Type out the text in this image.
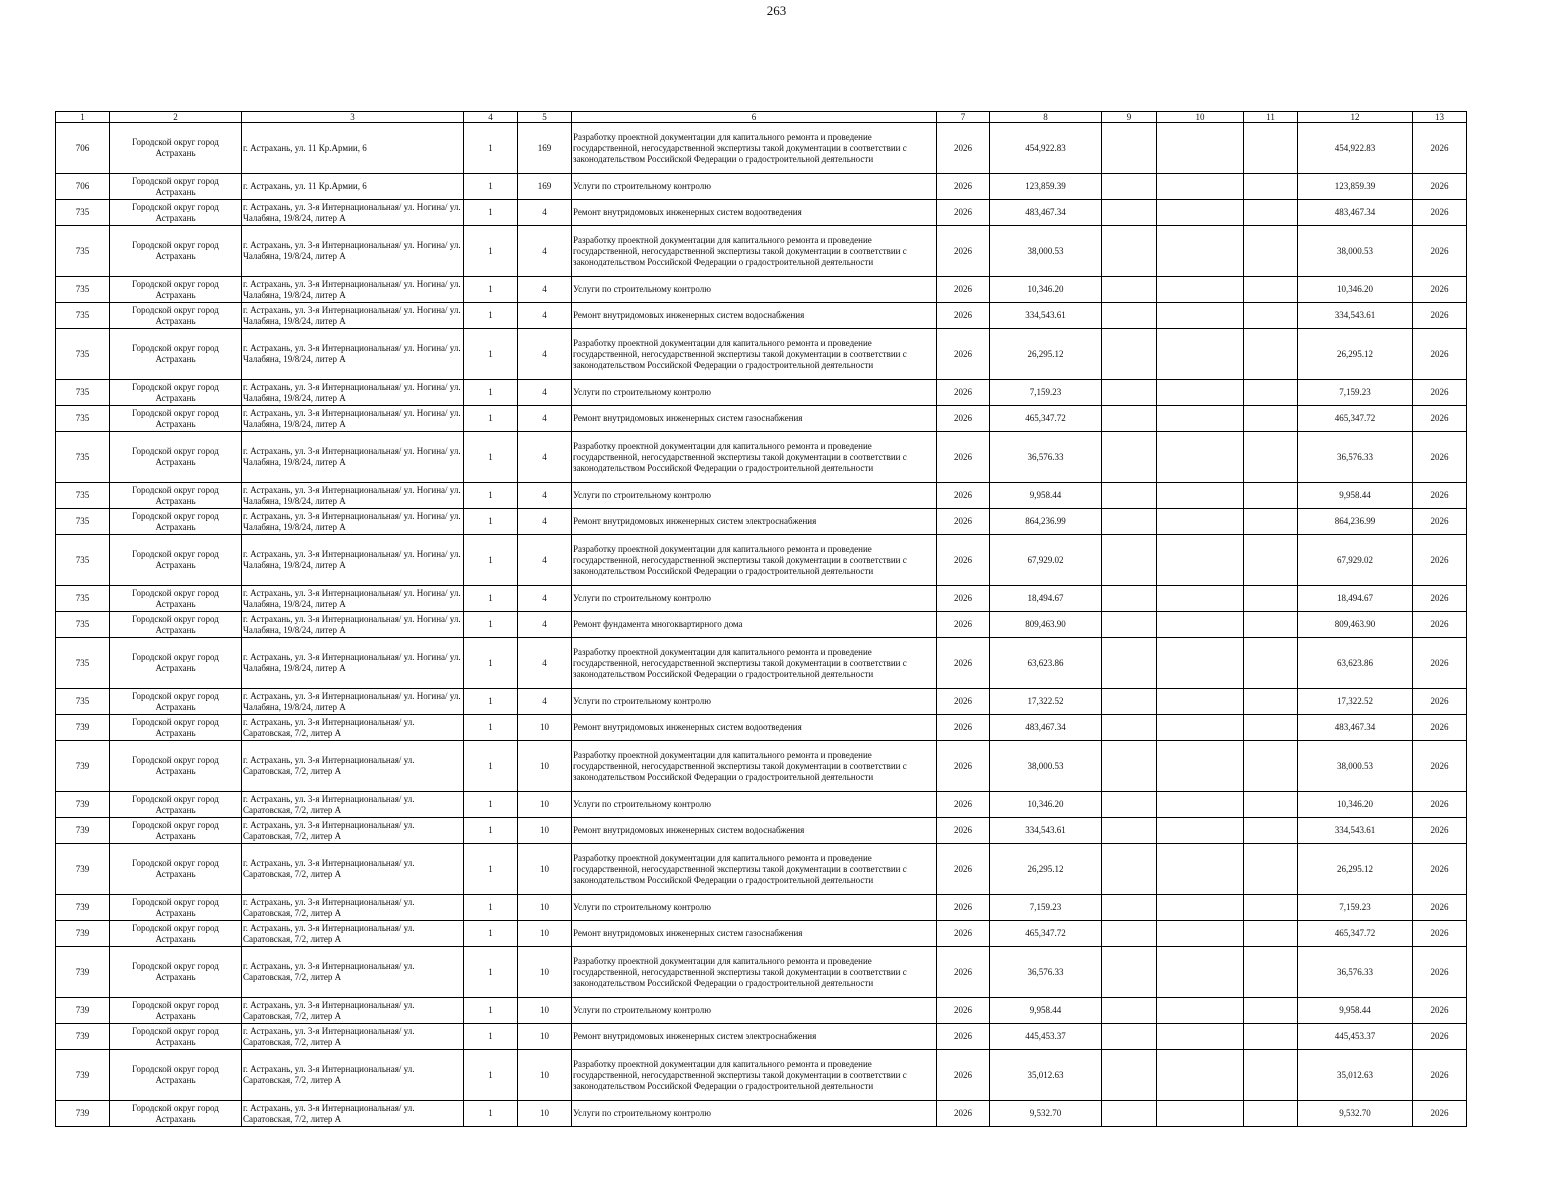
263
1	2	3	4	5	6	7	8	9	10	11	12	13
706	Городской округ город Астрахань	г. Астрахань, ул. 11 Кр.Армии, 6	1	169	Разработку проектной документации для капитального ремонта и проведение государственной, негосударственной экспертизы такой документации в соответствии с законодательством Российской Федерации о градостроительной деятельности	2026	454,922.83				454,922.83	2026
706	Городской округ город Астрахань	г. Астрахань, ул. 11 Кр.Армии, 6	1	169	Услуги по строительному контролю	2026	123,859.39				123,859.39	2026
735	Городской округ город Астрахань	г. Астрахань, ул. 3-я Интернациональная/ ул. Ногина/ ул. Чалабяна, 19/8/24, литер А	1	4	Ремонт внутридомовых инженерных систем водоотведения	2026	483,467.34				483,467.34	2026
735	Городской округ город Астрахань	г. Астрахань, ул. 3-я Интернациональная/ ул. Ногина/ ул. Чалабяна, 19/8/24, литер А	1	4	Разработку проектной документации для капитального ремонта и проведение государственной, негосударственной экспертизы такой документации в соответствии с законодательством Российской Федерации о градостроительной деятельности	2026	38,000.53				38,000.53	2026
735	Городской округ город Астрахань	г. Астрахань, ул. 3-я Интернациональная/ ул. Ногина/ ул. Чалабяна, 19/8/24, литер А	1	4	Услуги по строительному контролю	2026	10,346.20				10,346.20	2026
735	Городской округ город Астрахань	г. Астрахань, ул. 3-я Интернациональная/ ул. Ногина/ ул. Чалабяна, 19/8/24, литер А	1	4	Ремонт внутридомовых инженерных систем водоснабжения	2026	334,543.61				334,543.61	2026
735	Городской округ город Астрахань	г. Астрахань, ул. 3-я Интернациональная/ ул. Ногина/ ул. Чалабяна, 19/8/24, литер А	1	4	Разработку проектной документации для капитального ремонта и проведение государственной, негосударственной экспертизы такой документации в соответствии с законодательством Российской Федерации о градостроительной деятельности	2026	26,295.12				26,295.12	2026
735	Городской округ город Астрахань	г. Астрахань, ул. 3-я Интернациональная/ ул. Ногина/ ул. Чалабяна, 19/8/24, литер А	1	4	Услуги по строительному контролю	2026	7,159.23				7,159.23	2026
735	Городской округ город Астрахань	г. Астрахань, ул. 3-я Интернациональная/ ул. Ногина/ ул. Чалабяна, 19/8/24, литер А	1	4	Ремонт внутридомовых инженерных систем газоснабжения	2026	465,347.72				465,347.72	2026
735	Городской округ город Астрахань	г. Астрахань, ул. 3-я Интернациональная/ ул. Ногина/ ул. Чалабяна, 19/8/24, литер А	1	4	Разработку проектной документации для капитального ремонта и проведение государственной, негосударственной экспертизы такой документации в соответствии с законодательством Российской Федерации о градостроительной деятельности	2026	36,576.33				36,576.33	2026
735	Городской округ город Астрахань	г. Астрахань, ул. 3-я Интернациональная/ ул. Ногина/ ул. Чалабяна, 19/8/24, литер А	1	4	Услуги по строительному контролю	2026	9,958.44				9,958.44	2026
735	Городской округ город Астрахань	г. Астрахань, ул. 3-я Интернациональная/ ул. Ногина/ ул. Чалабяна, 19/8/24, литер А	1	4	Ремонт внутридомовых инженерных систем электроснабжения	2026	864,236.99				864,236.99	2026
735	Городской округ город Астрахань	г. Астрахань, ул. 3-я Интернациональная/ ул. Ногина/ ул. Чалабяна, 19/8/24, литер А	1	4	Разработку проектной документации для капитального ремонта и проведение государственной, негосударственной экспертизы такой документации в соответствии с законодательством Российской Федерации о градостроительной деятельности	2026	67,929.02				67,929.02	2026
735	Городской округ город Астрахань	г. Астрахань, ул. 3-я Интернациональная/ ул. Ногина/ ул. Чалабяна, 19/8/24, литер А	1	4	Услуги по строительному контролю	2026	18,494.67				18,494.67	2026
735	Городской округ город Астрахань	г. Астрахань, ул. 3-я Интернациональная/ ул. Ногина/ ул. Чалабяна, 19/8/24, литер А	1	4	Ремонт фундамента многоквартирного дома	2026	809,463.90				809,463.90	2026
735	Городской округ город Астрахань	г. Астрахань, ул. 3-я Интернациональная/ ул. Ногина/ ул. Чалабяна, 19/8/24, литер А	1	4	Разработку проектной документации для капитального ремонта и проведение государственной, негосударственной экспертизы такой документации в соответствии с законодательством Российской Федерации о градостроительной деятельности	2026	63,623.86				63,623.86	2026
735	Городской округ город Астрахань	г. Астрахань, ул. 3-я Интернациональная/ ул. Ногина/ ул. Чалабяна, 19/8/24, литер А	1	4	Услуги по строительному контролю	2026	17,322.52				17,322.52	2026
739	Городской округ город Астрахань	г. Астрахань, ул. 3-я Интернациональная/ ул. Саратовская, 7/2, литер А	1	10	Ремонт внутридомовых инженерных систем водоотведения	2026	483,467.34				483,467.34	2026
739	Городской округ город Астрахань	г. Астрахань, ул. 3-я Интернациональная/ ул. Саратовская, 7/2, литер А	1	10	Разработку проектной документации для капитального ремонта и проведение государственной, негосударственной экспертизы такой документации в соответствии с законодательством Российской Федерации о градостроительной деятельности	2026	38,000.53				38,000.53	2026
739	Городской округ город Астрахань	г. Астрахань, ул. 3-я Интернациональная/ ул. Саратовская, 7/2, литер А	1	10	Услуги по строительному контролю	2026	10,346.20				10,346.20	2026
739	Городской округ город Астрахань	г. Астрахань, ул. 3-я Интернациональная/ ул. Саратовская, 7/2, литер А	1	10	Ремонт внутридомовых инженерных систем водоснабжения	2026	334,543.61				334,543.61	2026
739	Городской округ город Астрахань	г. Астрахань, ул. 3-я Интернациональная/ ул. Саратовская, 7/2, литер А	1	10	Разработку проектной документации для капитального ремонта и проведение государственной, негосударственной экспертизы такой документации в соответствии с законодательством Российской Федерации о градостроительной деятельности	2026	26,295.12				26,295.12	2026
739	Городской округ город Астрахань	г. Астрахань, ул. 3-я Интернациональная/ ул. Саратовская, 7/2, литер А	1	10	Услуги по строительному контролю	2026	7,159.23				7,159.23	2026
739	Городской округ город Астрахань	г. Астрахань, ул. 3-я Интернациональная/ ул. Саратовская, 7/2, литер А	1	10	Ремонт внутридомовых инженерных систем газоснабжения	2026	465,347.72				465,347.72	2026
739	Городской округ город Астрахань	г. Астрахань, ул. 3-я Интернациональная/ ул. Саратовская, 7/2, литер А	1	10	Разработку проектной документации для капитального ремонта и проведение государственной, негосударственной экспертизы такой документации в соответствии с законодательством Российской Федерации о градостроительной деятельности	2026	36,576.33				36,576.33	2026
739	Городской округ город Астрахань	г. Астрахань, ул. 3-я Интернациональная/ ул. Саратовская, 7/2, литер А	1	10	Услуги по строительному контролю	2026	9,958.44				9,958.44	2026
739	Городской округ город Астрахань	г. Астрахань, ул. 3-я Интернациональная/ ул. Саратовская, 7/2, литер А	1	10	Ремонт внутридомовых инженерных систем электроснабжения	2026	445,453.37				445,453.37	2026
739	Городской округ город Астрахань	г. Астрахань, ул. 3-я Интернациональная/ ул. Саратовская, 7/2, литер А	1	10	Разработку проектной документации для капитального ремонта и проведение государственной, негосударственной экспертизы такой документации в соответствии с законодательством Российской Федерации о градостроительной деятельности	2026	35,012.63				35,012.63	2026
739	Городской округ город Астрахань	г. Астрахань, ул. 3-я Интернациональная/ ул. Саратовская, 7/2, литер А	1	10	Услуги по строительному контролю	2026	9,532.70				9,532.70	2026
